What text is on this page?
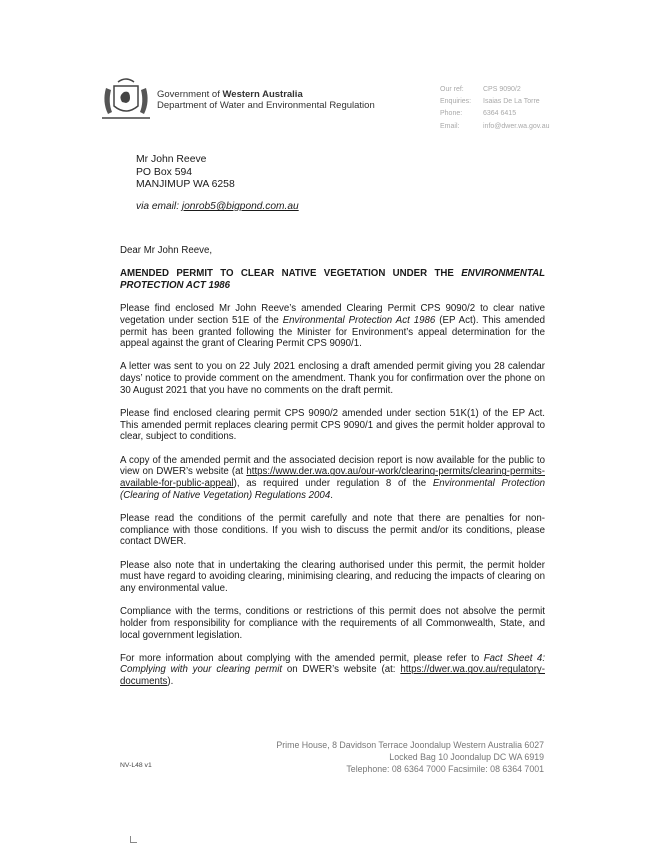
Government of Western Australia
Department of Water and Environmental Regulation
Our ref:	CPS 9090/2
Enquiries:	Isaias De La Torre
Phone:	6364 6415
Email:	info@dwer.wa.gov.au
Mr John Reeve
PO Box 594
MANJIMUP WA 6258
via email: jonrob5@bigpond.com.au

Dear Mr John Reeve,

AMENDED PERMIT TO CLEAR NATIVE VEGETATION UNDER THE ENVIRONMENTAL PROTECTION ACT 1986

Please find enclosed Mr John Reeve’s amended Clearing Permit CPS 9090/2 to clear native vegetation under section 51E of the Environmental Protection Act 1986 (EP Act). This amended permit has been granted following the Minister for Environment’s appeal determination for the appeal against the grant of Clearing Permit CPS 9090/1.

A letter was sent to you on 22 July 2021 enclosing a draft amended permit giving you 28 calendar days’ notice to provide comment on the amendment. Thank you for confirmation over the phone on 30 August 2021 that you have no comments on the draft permit.

Please find enclosed clearing permit CPS 9090/2 amended under section 51K(1) of the EP Act. This amended permit replaces clearing permit CPS 9090/1 and gives the permit holder approval to clear, subject to conditions.

A copy of the amended permit and the associated decision report is now available for the public to view on DWER’s website (at https://www.der.wa.gov.au/our-work/clearing-permits/clearing-permits-available-for-public-appeal), as required under regulation 8 of the Environmental Protection (Clearing of Native Vegetation) Regulations 2004.

Please read the conditions of the permit carefully and note that there are penalties for non-compliance with those conditions. If you wish to discuss the permit and/or its conditions, please contact DWER.

Please also note that in undertaking the clearing authorised under this permit, the permit holder must have regard to avoiding clearing, minimising clearing, and reducing the impacts of clearing on any environmental value.

Compliance with the terms, conditions or restrictions of this permit does not absolve the permit holder from responsibility for compliance with the requirements of all Commonwealth, State, and local government legislation.

For more information about complying with the amended permit, please refer to Fact Sheet 4: Complying with your clearing permit on DWER’s website (at: https://dwer.wa.gov.au/regulatory-documents).

Prime House, 8 Davidson Terrace Joondalup Western Australia 6027
Locked Bag 10 Joondalup DC WA 6919
Telephone: 08 6364 7000 Facsimile: 08 6364 7001
NV-L48 v1
